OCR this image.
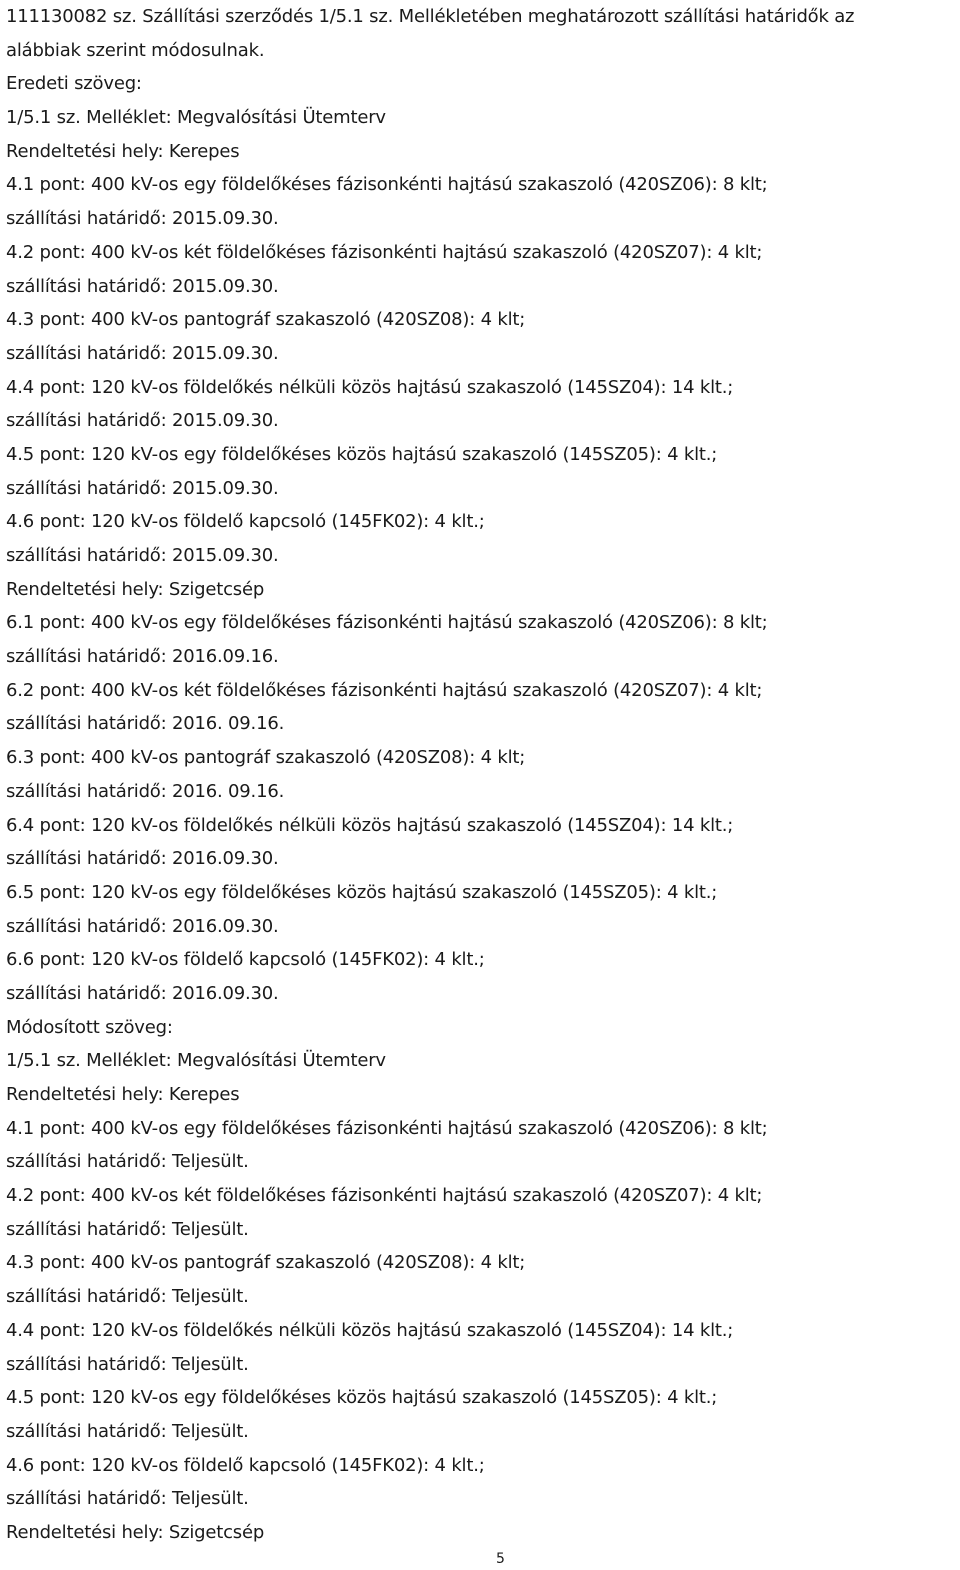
111130082 sz. Szállítási szerződés 1/5.1 sz. Mellékletében meghatározott szállítási határidők az
alábbiak szerint módosulnak.
Eredeti szöveg:
1/5.1 sz. Melléklet: Megvalósítási Ütemterv
Rendeltetési hely: Kerepes
4.1 pont: 400 kV-os egy földelőkéses fázisonkénti hajtású szakaszoló (420SZ06): 8 klt;
szállítási határidő: 2015.09.30.
4.2 pont: 400 kV-os két földelőkéses fázisonkénti hajtású szakaszoló (420SZ07): 4 klt;
szállítási határidő: 2015.09.30.
4.3 pont: 400 kV-os pantográf szakaszoló (420SZ08): 4 klt;
szállítási határidő: 2015.09.30.
4.4 pont: 120 kV-os földelőkés nélküli közös hajtású szakaszoló (145SZ04): 14 klt.;
szállítási határidő: 2015.09.30.
4.5 pont: 120 kV-os egy földelőkéses közös hajtású szakaszoló (145SZ05): 4 klt.;
szállítási határidő: 2015.09.30.
4.6 pont: 120 kV-os földelő kapcsoló (145FK02): 4 klt.;
szállítási határidő: 2015.09.30.
Rendeltetési hely: Szigetcsép
6.1 pont: 400 kV-os egy földelőkéses fázisonkénti hajtású szakaszoló (420SZ06): 8 klt;
szállítási határidő: 2016.09.16.
6.2 pont: 400 kV-os két földelőkéses fázisonkénti hajtású szakaszoló (420SZ07): 4 klt;
szállítási határidő: 2016. 09.16.
6.3 pont: 400 kV-os pantográf szakaszoló (420SZ08): 4 klt;
szállítási határidő: 2016. 09.16.
6.4 pont: 120 kV-os földelőkés nélküli közös hajtású szakaszoló (145SZ04): 14 klt.;
szállítási határidő: 2016.09.30.
6.5 pont: 120 kV-os egy földelőkéses közös hajtású szakaszoló (145SZ05): 4 klt.;
szállítási határidő: 2016.09.30.
6.6 pont: 120 kV-os földelő kapcsoló (145FK02): 4 klt.;
szállítási határidő: 2016.09.30.
Módosított szöveg:
1/5.1 sz. Melléklet: Megvalósítási Ütemterv
Rendeltetési hely: Kerepes
4.1 pont: 400 kV-os egy földelőkéses fázisonkénti hajtású szakaszoló (420SZ06): 8 klt;
szállítási határidő: Teljesült.
4.2 pont: 400 kV-os két földelőkéses fázisonkénti hajtású szakaszoló (420SZ07): 4 klt;
szállítási határidő: Teljesült.
4.3 pont: 400 kV-os pantográf szakaszoló (420SZ08): 4 klt;
szállítási határidő: Teljesült.
4.4 pont: 120 kV-os földelőkés nélküli közös hajtású szakaszoló (145SZ04): 14 klt.;
szállítási határidő: Teljesült.
4.5 pont: 120 kV-os egy földelőkéses közös hajtású szakaszoló (145SZ05): 4 klt.;
szállítási határidő: Teljesült.
4.6 pont: 120 kV-os földelő kapcsoló (145FK02): 4 klt.;
szállítási határidő: Teljesült.
Rendeltetési hely: Szigetcsép
5
